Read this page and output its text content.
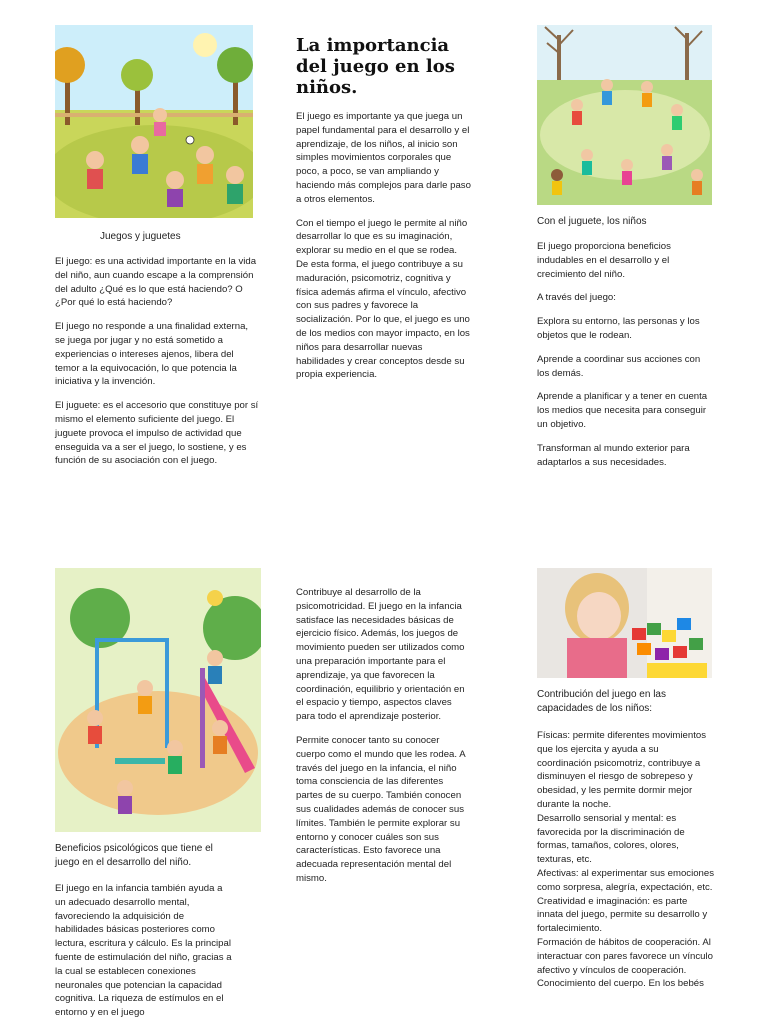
Juegos y juguetes

El juego: es una actividad importante en la vida del niño, aun cuando escape a la comprensión del adulto ¿Qué es lo que está haciendo? O ¿Por qué lo está haciendo?

El juego no responde a una finalidad externa, se juega por jugar y no está sometido a experiencias o intereses ajenos, libera del temor a la equivocación, lo que potencia la iniciativa y la invención.

El juguete: es el accesorio que constituye por sí mismo el elemento suficiente del juego. El juguete provoca el impulso de actividad que enseguida va a ser el juego, lo sostiene, y es función de su asociación con el juego.

La importancia del juego en los niños.

El juego es importante ya que juega un papel fundamental para el desarrollo y el aprendizaje, de los niños, al inicio son simples movimientos corporales que poco, a poco, se van ampliando y haciendo más complejos para darle paso a otros elementos.

Con el tiempo el juego le permite al niño desarrollar lo que es su imaginación, explorar su medio en el que se rodea. De esta forma, el juego contribuye a su maduración, psicomotriz, cognitiva y física además afirma el vínculo, afectivo con sus padres y favorece la socialización. Por lo que, el juego es uno de los medios con mayor impacto, en los niños para desarrollar nuevas habilidades y crear conceptos desde su propia experiencia.

Con el juguete, los niños

El juego proporciona beneficios indudables en el desarrollo y el crecimiento del niño.

A través del juego:

Explora su entorno, las personas y los objetos que le rodean.

Aprende a coordinar sus acciones con los demás.

Aprende a planificar y a tener en cuenta los medios que necesita para conseguir un objetivo.

Transforman al mundo exterior para adaptarlos a sus necesidades.

Beneficios psicológicos que tiene el juego en el desarrollo del niño.

El juego en la infancia también ayuda a un adecuado desarrollo mental, favoreciendo la adquisición de habilidades básicas posteriores como lectura, escritura y cálculo. Es la principal fuente de estimulación del niño, gracias a la cual se establecen conexiones neuronales que potencian la capacidad cognitiva. La riqueza de estímulos en el entorno y en el juego

Contribuye al desarrollo de la psicomotricidad. El juego en la infancia satisface las necesidades básicas de ejercicio físico. Además, los juegos de movimiento pueden ser utilizados como una preparación importante para el aprendizaje, ya que favorecen la coordinación, equilibrio y orientación en el espacio y tiempo, aspectos claves para todo el aprendizaje posterior.

Permite conocer tanto su conocer cuerpo como el mundo que les rodea. A través del juego en la infancia, el niño toma consciencia de las diferentes partes de su cuerpo. También conocen sus cualidades además de conocer sus límites. También le permite explorar su entorno y conocer cuáles son sus características. Esto favorece una adecuada representación mental del mismo.

Contribución del juego en las capacidades de los niños:

Físicas: permite diferentes movimientos que los ejercita y ayuda a su coordinación psicomotriz, contribuye a disminuyen el riesgo de sobrepeso y obesidad, y les permite dormir mejor durante la noche.

Desarrollo sensorial y mental: es favorecida por la discriminación de formas, tamaños, colores, olores, texturas, etc.

Afectivas: al experimentar sus emociones como sorpresa, alegría, expectación, etc.

Creatividad e imaginación: es parte innata del juego, permite su desarrollo y fortalecimiento.

Formación de hábitos de cooperación. Al interactuar con pares favorece un vínculo afectivo y vínculos de cooperación.

Conocimiento del cuerpo. En los bebés
